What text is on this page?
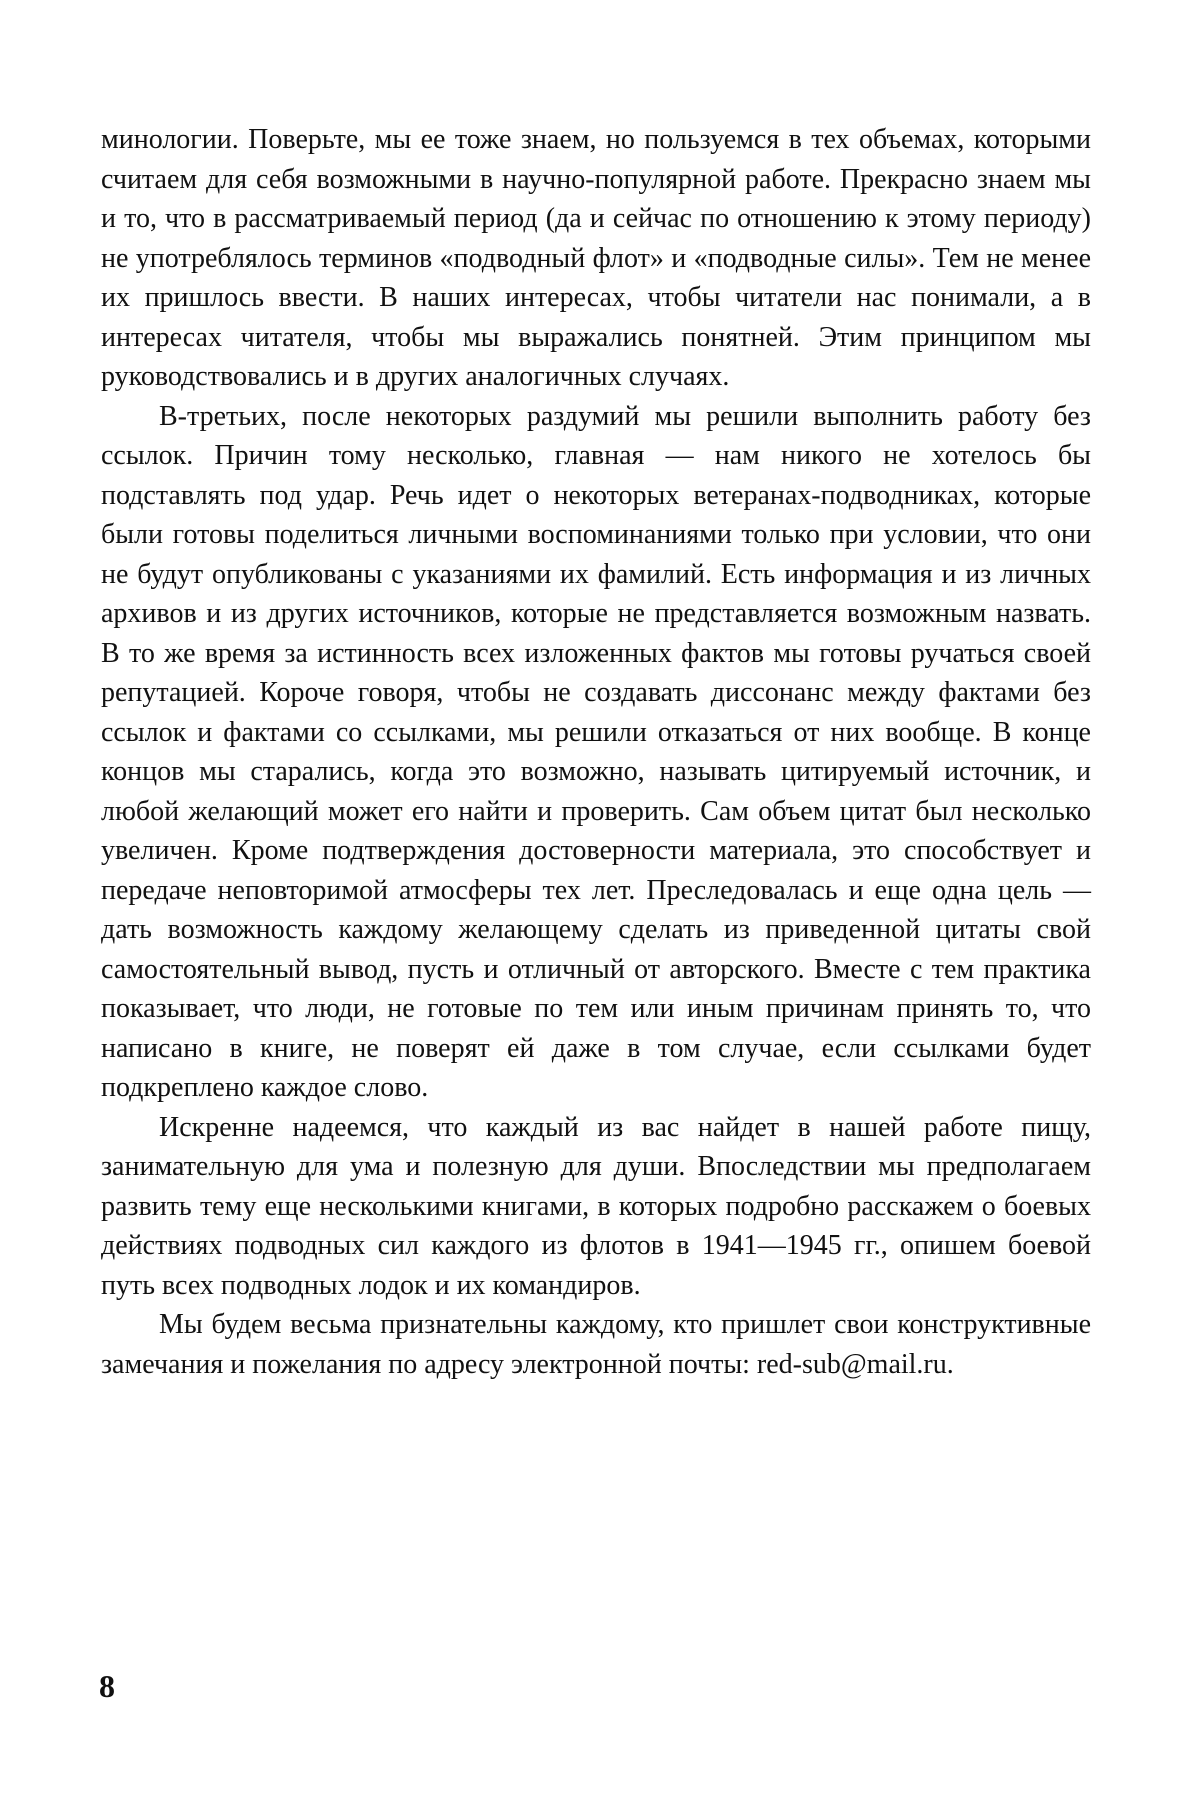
минологии. Поверьте, мы ее тоже знаем, но пользуемся в тех объемах, которыми считаем для себя возможными в научно-популярной работе. Прекрасно знаем мы и то, что в рассматриваемый период (да и сейчас по отношению к этому периоду) не употреблялось терминов «подводный флот» и «подводные силы». Тем не менее их пришлось ввести. В наших интересах, чтобы читатели нас понимали, а в интересах читателя, чтобы мы выражались понятней. Этим принципом мы руководствовались и в других аналогичных случаях.

В-третьих, после некоторых раздумий мы решили выполнить работу без ссылок. Причин тому несколько, главная — нам никого не хотелось бы подставлять под удар. Речь идет о некоторых ветеранах-подводниках, которые были готовы поделиться личными воспоминаниями только при условии, что они не будут опубликованы с указаниями их фамилий. Есть информация и из личных архивов и из других источников, которые не представляется возможным назвать. В то же время за истинность всех изложенных фактов мы готовы ручаться своей репутацией. Короче говоря, чтобы не создавать диссонанс между фактами без ссылок и фактами со ссылками, мы решили отказаться от них вообще. В конце концов мы старались, когда это возможно, называть цитируемый источник, и любой желающий может его найти и проверить. Сам объем цитат был несколько увеличен. Кроме подтверждения достоверности материала, это способствует и передаче неповторимой атмосферы тех лет. Преследовалась и еще одна цель — дать возможность каждому желающему сделать из приведенной цитаты свой самостоятельный вывод, пусть и отличный от авторского. Вместе с тем практика показывает, что люди, не готовые по тем или иным причинам принять то, что написано в книге, не поверят ей даже в том случае, если ссылками будет подкреплено каждое слово.

Искренне надеемся, что каждый из вас найдет в нашей работе пищу, занимательную для ума и полезную для души. Впоследствии мы предполагаем развить тему еще несколькими книгами, в которых подробно расскажем о боевых действиях подводных сил каждого из флотов в 1941—1945 гг., опишем боевой путь всех подводных лодок и их командиров.

Мы будем весьма признательны каждому, кто пришлет свои конструктивные замечания и пожелания по адресу электронной почты: red-sub@mail.ru.

8
